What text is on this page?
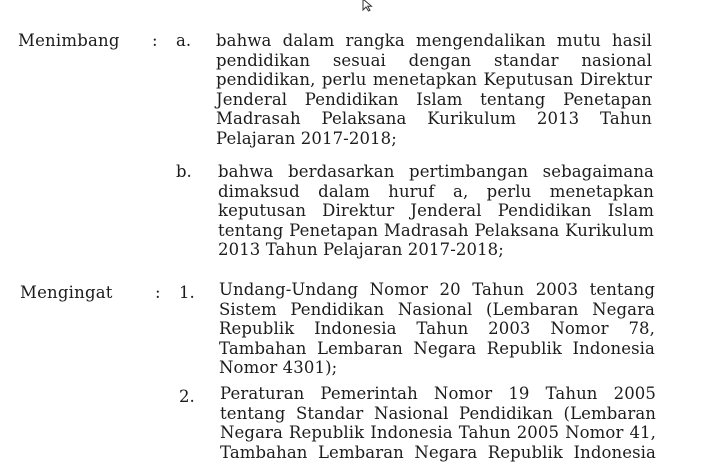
Menimbang : a. bahwa dalam rangka mengendalikan mutu hasil
pendidikan sesuai dengan standar nasional
pendidikan, perlu menetapkan Keputusan Direktur
Jenderal Pendidikan Islam tentang Penetapan
Madrasah Pelaksana Kurikulum 2013 Tahun
Pelajaran 2017-2018;
b. bahwa berdasarkan pertimbangan sebagaimana
dimaksud dalam huruf a, perlu menetapkan
keputusan Direktur Jenderal Pendidikan Islam
tentang Penetapan Madrasah Pelaksana Kurikulum
2013 Tahun Pelajaran 2017-2018;
Mengingat	: 1. Undang-Undang Nomor 20 Tahun 2003 tentang
Sistem Pendidikan Nasional (Lembaran Negara
Republik Indonesia Tahun 2003 Nomor 78,
Tambahan Lembaran Negara Republik Indonesia
Nomor 4301);
2. Peraturan Pemerintah Nomor 19 Tahun 2005
tentang Standar Nasional Pendidikan (Lembaran
Negara Republik Indonesia Tahun 2005 Nomor 41,
Tambahan Lembaran Negara Republik Indonesia
